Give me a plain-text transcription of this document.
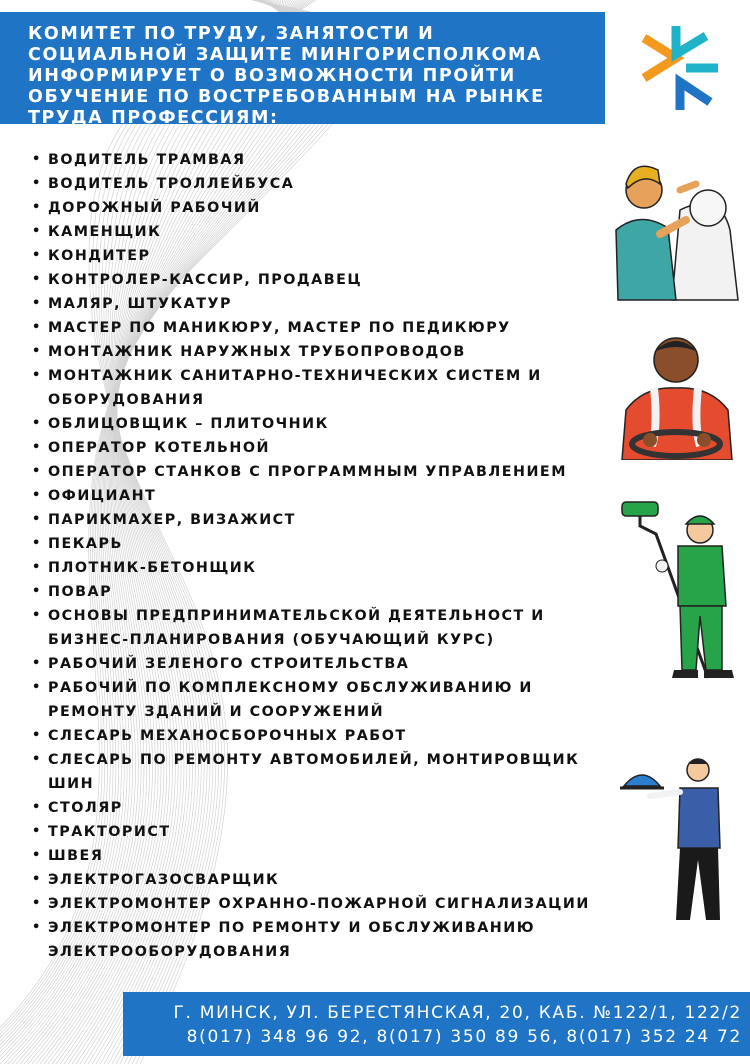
КОМИТЕТ ПО ТРУДУ, ЗАНЯТОСТИ И СОЦИАЛЬНОЙ ЗАЩИТЕ МИНГОРИСПОЛКОМА ИНФОРМИРУЕТ О ВОЗМОЖНОСТИ ПРОЙТИ ОБУЧЕНИЕ ПО ВОСТРЕБОВАННЫМ НА РЫНКЕ ТРУДА ПРОФЕССИЯМ:

• ВОДИТЕЛЬ ТРАМВАЯ
• ВОДИТЕЛЬ ТРОЛЛЕЙБУСА
• ДОРОЖНЫЙ РАБОЧИЙ
• КАМЕНЩИК
• КОНДИТЕР
• КОНТРОЛЕР-КАССИР, ПРОДАВЕЦ
• МАЛЯР, ШТУКАТУР
• МАСТЕР ПО МАНИКЮРУ, МАСТЕР ПО ПЕДИКЮРУ
• МОНТАЖНИК НАРУЖНЫХ ТРУБОПРОВОДОВ
• МОНТАЖНИК САНИТАРНО-ТЕХНИЧЕСКИХ СИСТЕМ И ОБОРУДОВАНИЯ
• ОБЛИЦОВЩИК – ПЛИТОЧНИК
• ОПЕРАТОР КОТЕЛЬНОЙ
• ОПЕРАТОР СТАНКОВ С ПРОГРАММНЫМ УПРАВЛЕНИЕМ
• ОФИЦИАНТ
• ПАРИКМАХЕР, ВИЗАЖИСТ
• ПЕКАРЬ
• ПЛОТНИК-БЕТОНЩИК
• ПОВАР
• ОСНОВЫ ПРЕДПРИНИМАТЕЛЬСКОЙ ДЕЯТЕЛЬНОСТ И БИЗНЕС-ПЛАНИРОВАНИЯ (ОБУЧАЮЩИЙ КУРС)
• РАБОЧИЙ ЗЕЛЕНОГО СТРОИТЕЛЬСТВА
• РАБОЧИЙ ПО КОМПЛЕКСНОМУ ОБСЛУЖИВАНИЮ И РЕМОНТУ ЗДАНИЙ И СООРУЖЕНИЙ
• СЛЕСАРЬ МЕХАНОСБОРОЧНЫХ РАБОТ
• СЛЕСАРЬ ПО РЕМОНТУ АВТОМОБИЛЕЙ, МОНТИРОВЩИК ШИН
• СТОЛЯР
• ТРАКТОРИСТ
• ШВЕЯ
• ЭЛЕКТРОГАЗОСВАРЩИК
• ЭЛЕКТРОМОНТЕР ОХРАННО-ПОЖАРНОЙ СИГНАЛИЗАЦИИ
• ЭЛЕКТРОМОНТЕР ПО РЕМОНТУ И ОБСЛУЖИВАНИЮ ЭЛЕКТРООБОРУДОВАНИЯ
Г. МИНСК, УЛ. БЕРЕСТЯНСКАЯ, 20, КАБ. №122/1, 122/2
8(017) 348 96 92, 8(017) 350 89 56, 8(017) 352 24 72
